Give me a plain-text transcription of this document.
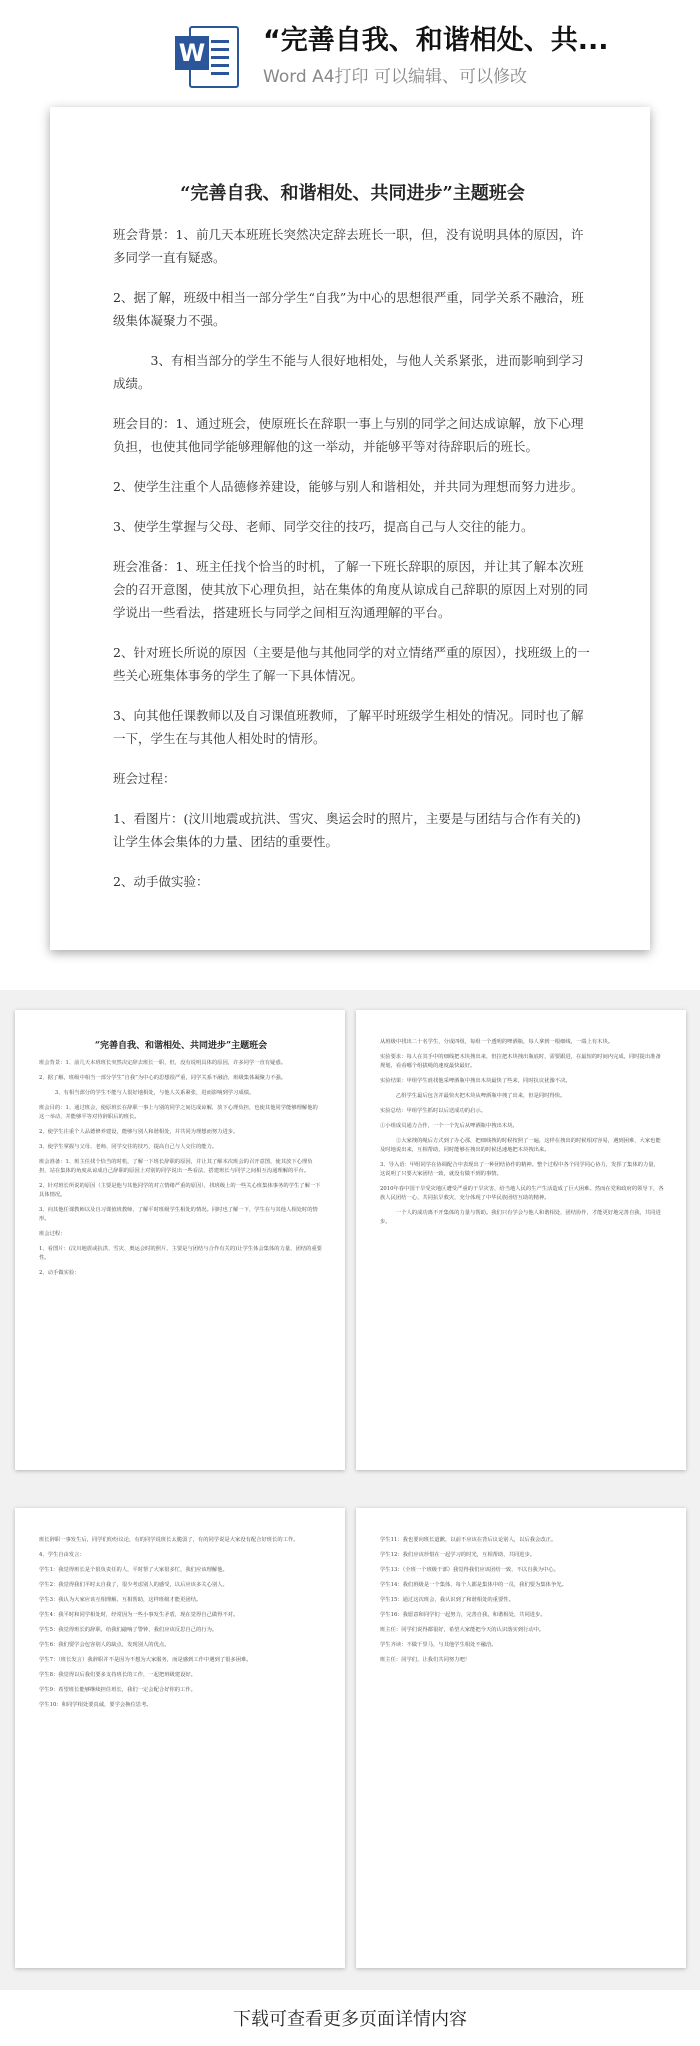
W “完善自我、和谐相处、共...
Word A4打印 可以编辑、可以修改
“完善自我、和谐相处、共同进步”主题班会

班会背景：1、前几天本班班长突然决定辞去班长一职，但，没有说明具体的原因，许多同学一直有疑惑。

2、据了解，班级中相当一部分学生“自我”为中心的思想很严重，同学关系不融洽，班级集体凝聚力不强。

3、有相当部分的学生不能与人很好地相处，与他人关系紧张，进而影响到学习成绩。

班会目的：1、通过班会，使原班长在辞职一事上与别的同学之间达成谅解，放下心理负担，也使其他同学能够理解他的这一举动，并能够平等对待辞职后的班长。

2、使学生注重个人品德修养建设，能够与别人和谐相处，并共同为理想而努力进步。

3、使学生掌握与父母、老师、同学交往的技巧，提高自己与人交往的能力。

班会准备：1、班主任找个恰当的时机，了解一下班长辞职的原因，并让其了解本次班会的召开意图，使其放下心理负担，站在集体的角度从谅成自己辞职的原因上对别的同学说出一些看法，搭建班长与同学之间相互沟通理解的平台。

2、针对班长所说的原因（主要是他与其他同学的对立情绪严重的原因），找班级上的一些关心班集体事务的学生了解一下具体情况。

3、向其他任课教师以及自习课值班教师，了解平时班级学生相处的情况。同时也了解一下，学生在与其他人相处时的情形。

班会过程：

1、看图片：(汶川地震或抗洪、雪灾、奥运会时的照片，主要是与团结与合作有关的)让学生体会集体的力量、团结的重要性。

2、动手做实验：

“完善自我、和谐相处、共同进步”主题班会

班会背景：1、前几天本班班长突然决定辞去班长一职，但，没有说明具体的原因，许多同学一直有疑惑。

2、据了解，班级中相当一部分学生“自我”为中心的思想很严重，同学关系不融洽，班级集体凝聚力不强。

3、有相当部分的学生不能与人很好地相处，与他人关系紧张，进而影响到学习成绩。

班会目的：1、通过班会，使原班长在辞职一事上与别的同学之间达成谅解，放下心理负担，也使其他同学能够理解他的这一举动，并能够平等对待辞职后的班长。

2、使学生注重个人品德修养建设，能够与别人和谐相处，并共同为理想而努力进步。

3、使学生掌握与父母、老师、同学交往的技巧，提高自己与人交往的能力。

班会准备：1、班主任找个恰当的时机，了解一下班长辞职的原因，并让其了解本次班会的召开意图，使其放下心理负担，站在集体的角度从谅成自己辞职的原因上对别的同学说出一些看法，搭建班长与同学之间相互沟通理解的平台。

2、针对班长所说的原因（主要是他与其他同学的对立情绪严重的原因），找班级上的一些关心班集体事务的学生了解一下具体情况。

3、向其他任课教师以及自习课值班教师，了解平时班级学生相处的情况。同时也了解一下，学生在与其他人相处时的情形。

班会过程：

1、看图片：(汶川地震或抗洪、雪灾、奥运会时的照片，主要是与团结与合作有关的)让学生体会集体的力量、团结的重要性。

2、动手做实验：

从班级中找出二十名学生，分成四组，每组一个透明的啤酒瓶，每人拿到一根细线，一端上有木块。

实验要求：每人在其手中的细线把木块拽出来，但拉把木块拽出瓶底时，需要跟进，在最短的时间内完成，同时提出准备规划，看看哪个组拔绳的速度最快最好。

实验结果：甲组学生谁找他采啤酒瓶中拽出木块最快了些来，同时抗议犹豫不决。

乙组学生最后包含并最快火把木块从啤酒瓶中拽了出来，但是同时得快。

实验总结：甲组学生抓时以后送成功的启示。

①小组成员通力合作，一个一个先后从啤酒瓶中拽出木块。

②大家拽的绳后方式到了办心那，把细线拽的时候按照了一遍，这样在拽出的时候相对容易，遇到困难，大家也能及时地说出来，互相帮助，同时能够在拽出的时候迅速地把木块拽出来。

3、导入语：甲组同学在协调配合中表现出了一种团结协作的精神。整个过程中各个同学同心协力，发挥了集体的力量，这说明了只要大家团结一致，就没有做不到的事情。

2010年春中国干旱受灾地区遭受严重的干旱灾害，给当地人民的生产生活造成了巨大困难。然而在党和政府的领导下，各族人民团结一心，共同抗旱救灾，充分体现了中华民族团结互助的精神。

一个人的成功离不开集体的力量与帮助。我们只有学会与他人和谐相处，团结协作，才能更好地完善自我，共同进步。

班长辞职一事发生后，同学们纷纷议论，有的同学说班长太脆弱了，有的同学说是大家没有配合好班长的工作。

4、学生自由发言：

学生1：我觉得班长是个很负责任的人，平时帮了大家很多忙，我们应该理解他。

学生2：我觉得我们平时太自我了，很少考虑别人的感受，以后应该多关心别人。

学生3：我认为大家应该互相理解，互相帮助，这样班级才能更团结。

学生4：我平时和同学相处时，经常因为一些小事发生矛盾，现在觉得自己做得不对。

学生5：我觉得班长的辞职，给我们敲响了警钟，我们应该反思自己的行为。

学生6：我们要学会包容别人的缺点，发现别人的优点。

学生7：（班长发言）我辞职并不是因为不想为大家服务，而是感到工作中遇到了很多困难。

学生8：我觉得以后我们要多支持班长的工作，一起把班级建设好。

学生9：希望班长能够继续担任班长，我们一定会配合好你的工作。

学生10：和同学相处要真诚，要学会换位思考。

学生11：我也要向班长道歉，以前不应该在背后议论别人，以后我会改正。

学生12：我们应该珍惜在一起学习的时光，互相帮助，共同进步。

学生13：（全班一个班级干部）我觉得我们应该团结一致，不以自我为中心。

学生14：我们班级是一个集体，每个人都是集体中的一员，我们要为集体争光。

学生15：通过这次班会，我认识到了和谐相处的重要性。

学生16：我愿意和同学们一起努力，完善自我，和谐相处，共同进步。

班主任：同学们说得都很好，希望大家能把今天的认识落实到行动中。

学生齐读：不做千里马，与其他学生相处不融洽。

班主任：同学们，让我们共同努力吧！

下载可查看更多页面详情内容
